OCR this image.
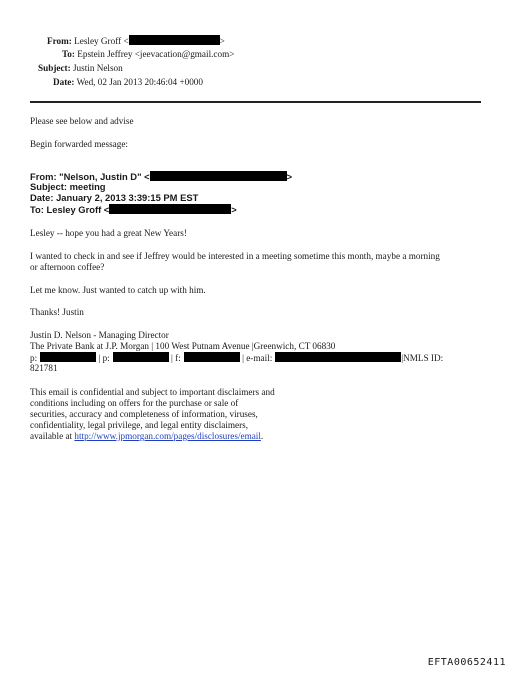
From: Lesley Groff <	>
To: Epstein Jeffrey <jeevacation@gmail.com>
Subject: Justin Nelson
Date: Wed, 02 Jan 2013 20:46:04 +0000
Please see below and advise
Begin forwarded message:
From: "Nelson, Justin D" <	>
Subject: meeting
Date: January 2, 2013 3:39:15 PM EST
To: Lesley Groff <	>
Lesley -- hope you had a great New Years!
I wanted to check in and see if Jeffrey would be interested in a meeting sometime this month, maybe a morning
or afternoon coffee?
Let me know. Just wanted to catch up with him.
Thanks! Justin
Justin D. Nelson - Managing Director
The Private Bank at J.P. Morgan | 100 West Putnam Avenue |Greenwich, CT 06830
p:	| p:	| f:	| e-mail:	|NMLS ID:
821781
This email is confidential and subject to important disclaimers and
conditions including on offers for the purchase or sale of
securities, accuracy and completeness of information, viruses,
confidentiality, legal privilege, and legal entity disclaimers,
available at http://www.jpmorgan.com/pages/disclosures/email.
EFTA00652411
